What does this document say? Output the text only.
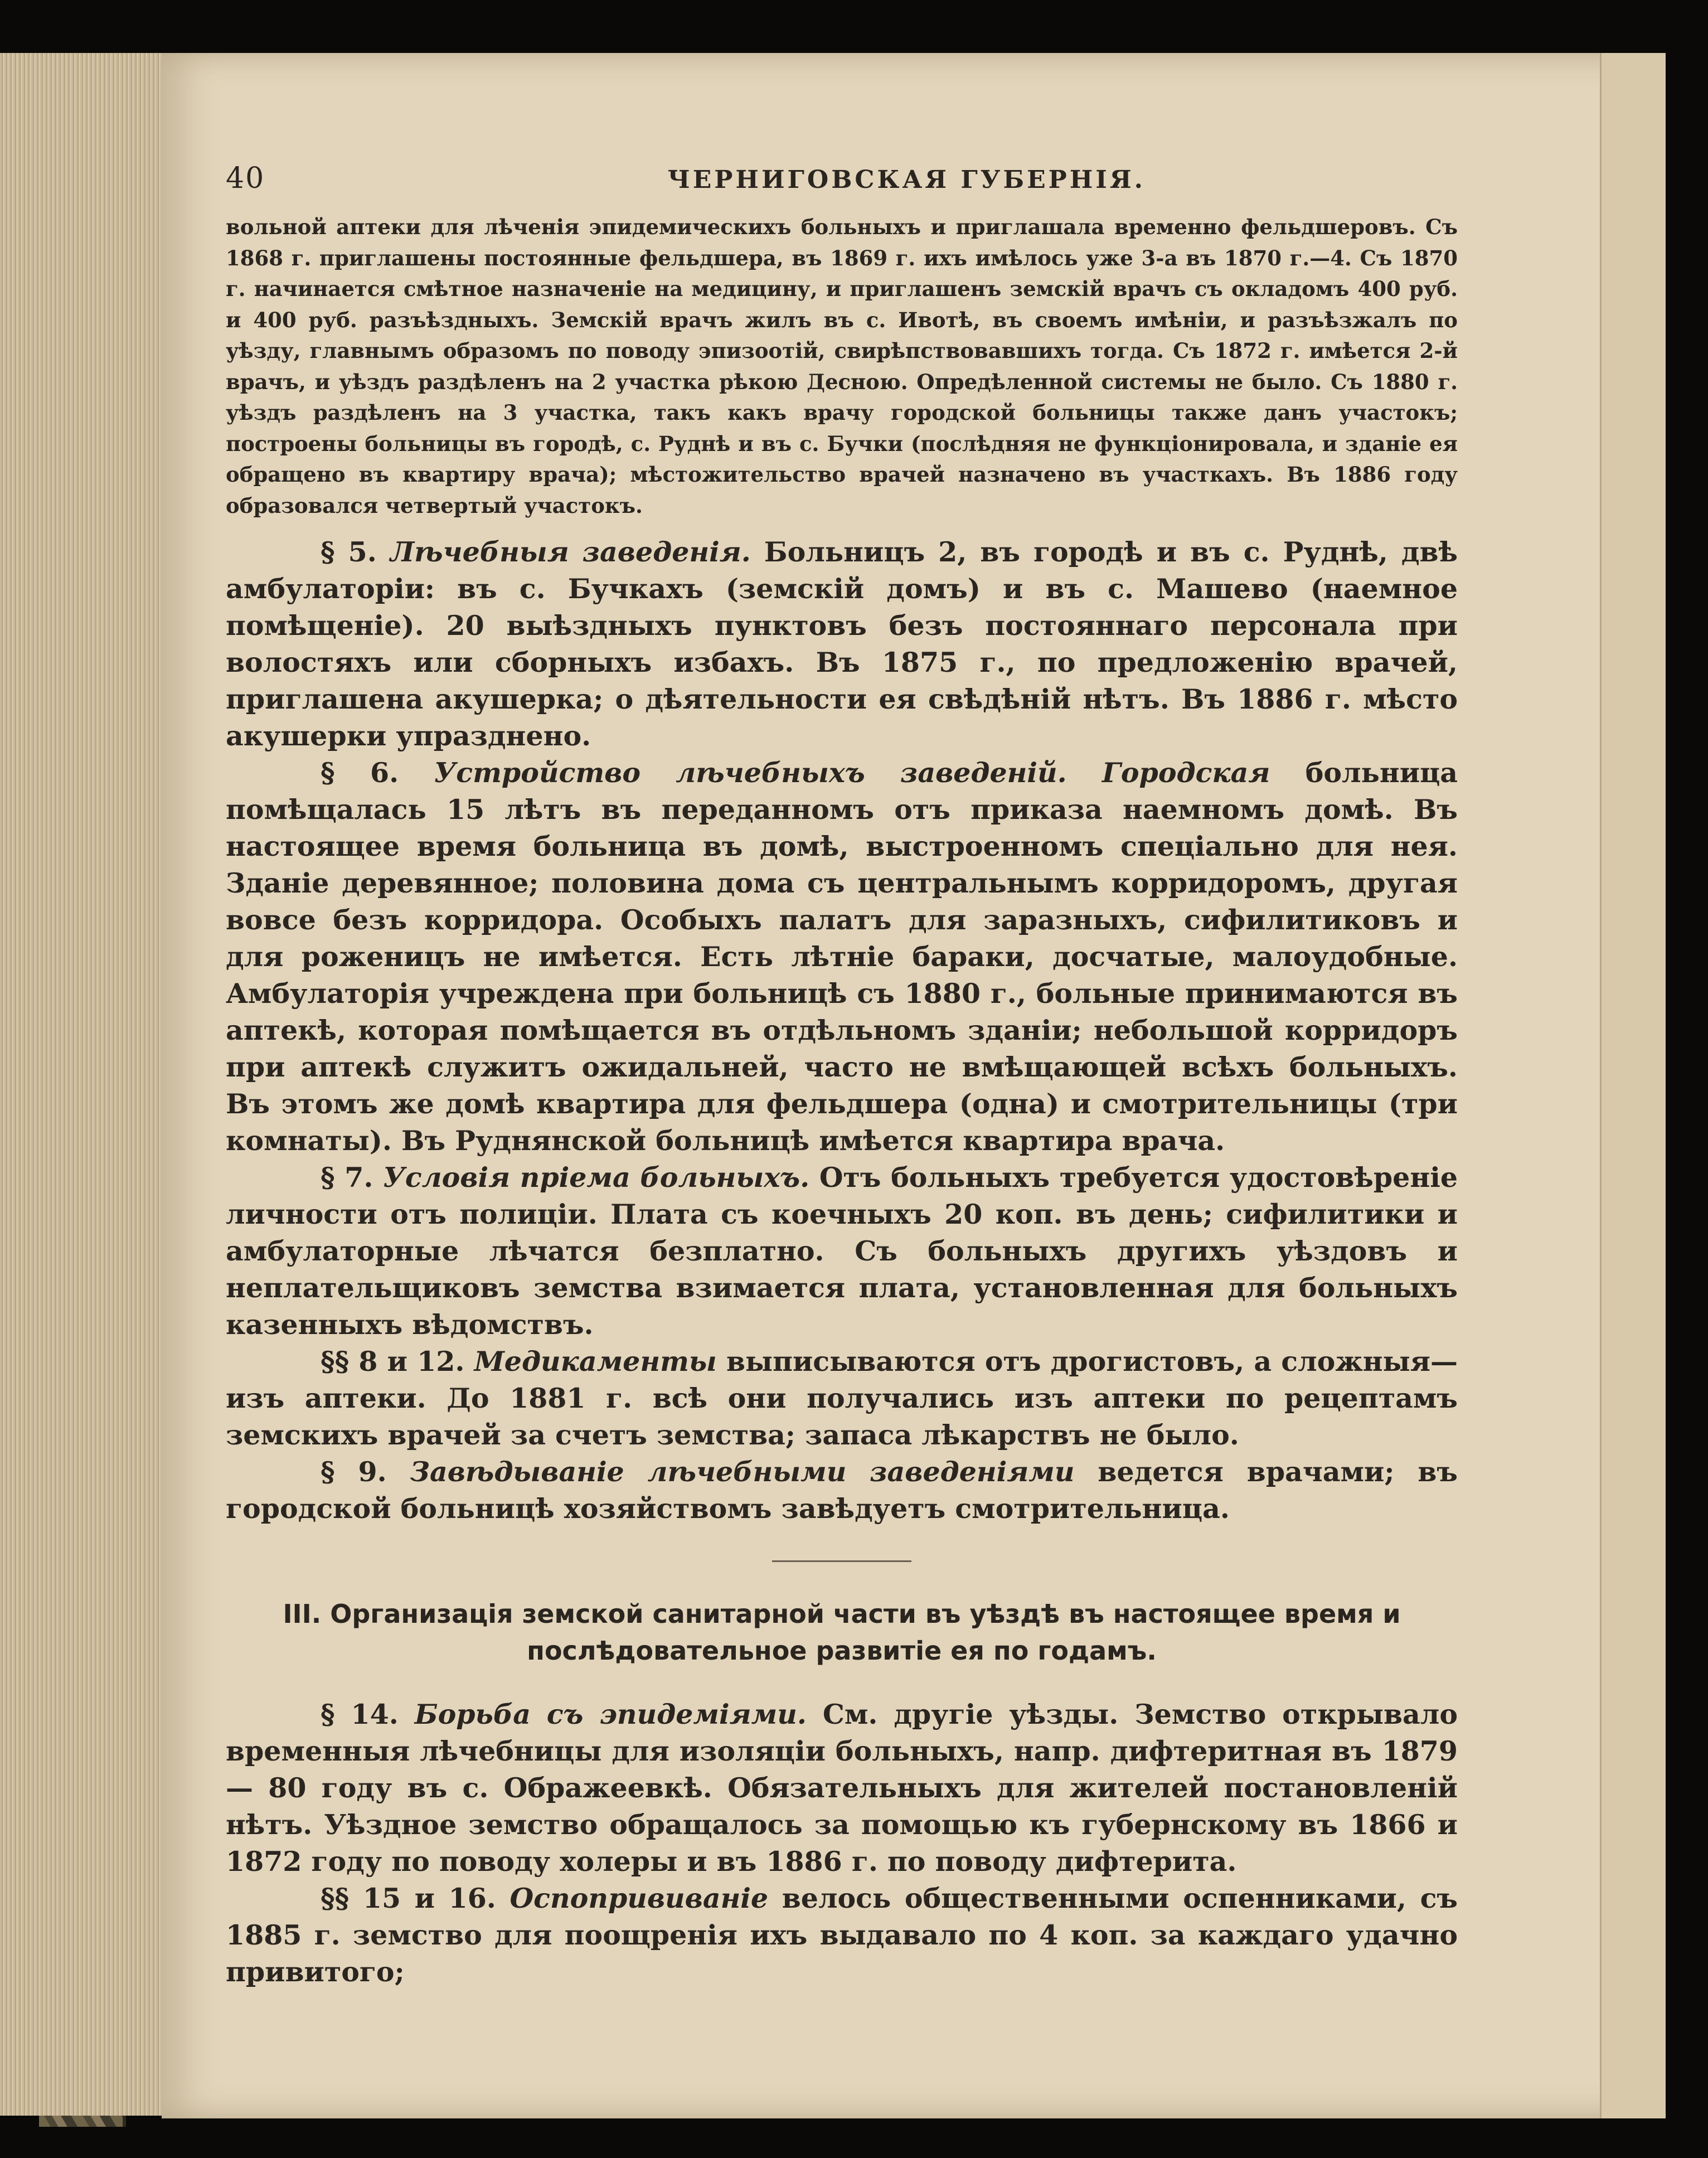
40	ЧЕРНИГОВСКАЯ ГУБЕРНІЯ.

вольной аптеки для лѣченія эпидемическихъ больныхъ и приглашала временно фельдшеровъ. Съ 1868 г. приглашены постоянные фельдшера, въ 1869 г. ихъ имѣлось уже 3-а въ 1870 г.—4. Съ 1870 г. начинается смѣтное назначеніе на медицину, и приглашенъ земскій врачъ съ окладомъ 400 руб. и 400 руб. разъѣздныхъ. Земскій врачъ жилъ въ с. Ивотѣ, въ своемъ имѣніи, и разъѣзжалъ по уѣзду, главнымъ образомъ по поводу эпизоотій, свирѣпствовавшихъ тогда. Съ 1872 г. имѣется 2-й врачъ, и уѣздъ раздѣленъ на 2 участка рѣкою Десною. Опредѣленной системы не было. Съ 1880 г. уѣздъ раздѣленъ на 3 участка, такъ какъ врачу городской больницы также данъ участокъ; построены больницы въ городѣ, с. Руднѣ и въ с. Бучки (послѣдняя не функціонировала, и зданіе ея обращено въ квартиру врача); мѣстожительство врачей назначено въ участкахъ. Въ 1886 году образовался четвертый участокъ.

§ 5. Лѣчебныя заведенія. Больницъ 2, въ городѣ и въ с. Руднѣ, двѣ амбулаторіи: въ с. Бучкахъ (земскій домъ) и въ с. Машево (наемное помѣщеніе). 20 выѣздныхъ пунктовъ безъ постояннаго персонала при волостяхъ или сборныхъ избахъ. Въ 1875 г., по предложенію врачей, приглашена акушерка; о дѣятельности ея свѣдѣній нѣтъ. Въ 1886 г. мѣсто акушерки упразднено.

§ 6. Устройство лѣчебныхъ заведеній. Городская больница помѣщалась 15 лѣтъ въ переданномъ отъ приказа наемномъ домѣ. Въ настоящее время больница въ домѣ, выстроенномъ спеціально для нея. Зданіе деревянное; половина дома съ центральнымъ корридоромъ, другая вовсе безъ корридора. Особыхъ палатъ для заразныхъ, сифилитиковъ и для роженицъ не имѣется. Есть лѣтніе бараки, досчатые, малоудобные. Амбулаторія учреждена при больницѣ съ 1880 г., больные принимаются въ аптекѣ, которая помѣщается въ отдѣльномъ зданіи; небольшой корридоръ при аптекѣ служитъ ожидальней, часто не вмѣщающей всѣхъ больныхъ. Въ этомъ же домѣ квартира для фельдшера (одна) и смотрительницы (три комнаты). Въ Руднянской больницѣ имѣется квартира врача.

§ 7. Условія пріема больныхъ. Отъ больныхъ требуется удостовѣреніе личности отъ полиціи. Плата съ коечныхъ 20 коп. въ день; сифилитики и амбулаторные лѣчатся безплатно. Съ больныхъ другихъ уѣздовъ и неплательщиковъ земства взимается плата, установленная для больныхъ казенныхъ вѣдомствъ.

§§ 8 и 12. Медикаменты выписываются отъ дрогистовъ, а сложныя—изъ аптеки. До 1881 г. всѣ они получались изъ аптеки по рецептамъ земскихъ врачей за счетъ земства; запаса лѣкарствъ не было.

§ 9. Завѣдываніе лѣчебными заведеніями ведется врачами; въ городской больницѣ хозяйствомъ завѣдуетъ смотрительница.

III. Организація земской санитарной части въ уѣздѣ въ настоящее время и
послѣдовательное развитіе ея по годамъ.

§ 14. Борьба съ эпидеміями. См. другіе уѣзды. Земство открывало временныя лѣчебницы для изоляціи больныхъ, напр. дифтеритная въ 1879 — 80 году въ с. Ображеевкѣ. Обязательныхъ для жителей постановленій нѣтъ. Уѣздное земство обращалось за помощью къ губернскому въ 1866 и 1872 году по поводу холеры и въ 1886 г. по поводу дифтерита.

§§ 15 и 16. Оспопрививаніе велось общественными оспенниками, съ 1885 г. земство для поощренія ихъ выдавало по 4 коп. за каждаго удачно привитого;
